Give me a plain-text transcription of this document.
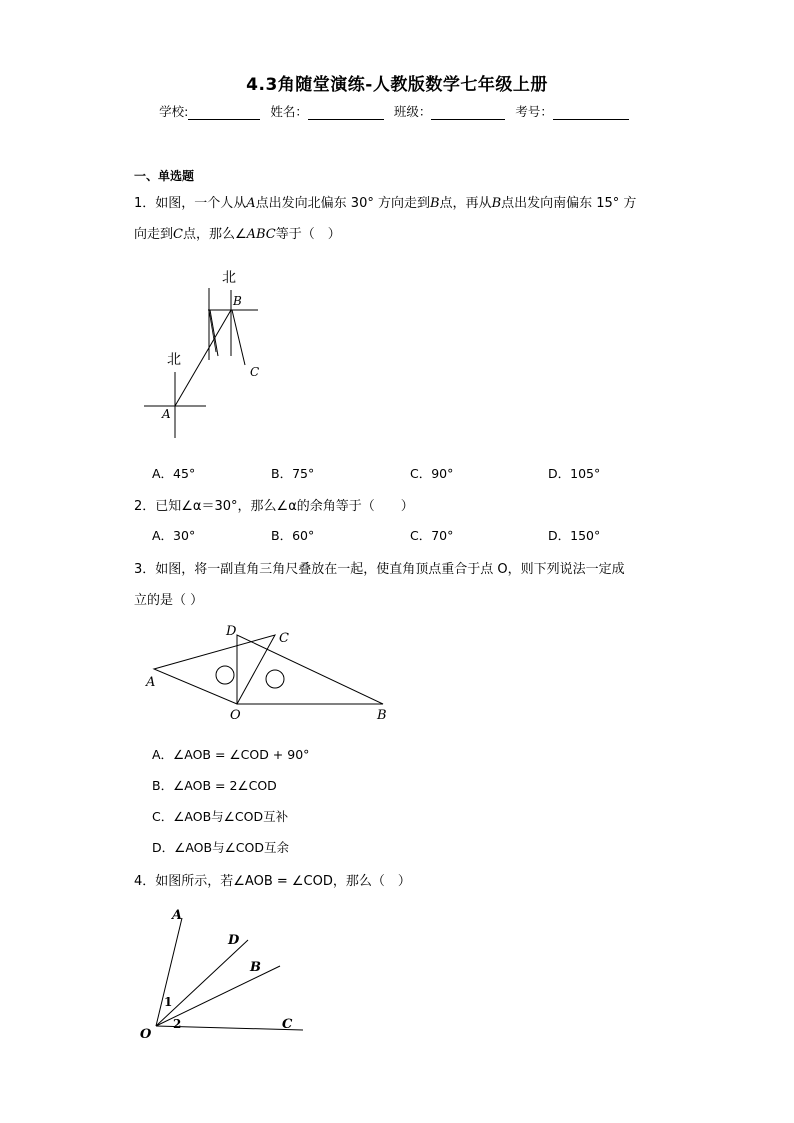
4.3角随堂演练-人教版数学七年级上册
学校:	姓名：	班级：	考号：
一、单选题
1．如图，一个人从A点出发向北偏东 30° 方向走到B点，再从B点出发向南偏东 15° 方
向走到C点，那么∠ABC等于（　）
北
北
B
C
A
A．45°	B．75°	C．90°	D．105°
2．已知∠α＝30°，那么∠α的余角等于（　　）
A．30°	B．60°	C．70°	D．150°
3．如图，将一副直角三角尺叠放在一起，使直角顶点重合于点 O，则下列说法一定成
立的是（ ）
A
D	C
O	B
A．∠AOB = ∠COD + 90°
B．∠AOB = 2∠COD
C．∠AOB与∠COD互补
D．∠AOB与∠COD互余
4．如图所示，若∠AOB = ∠COD，那么（　）
A
D
B
C
O
1
2
